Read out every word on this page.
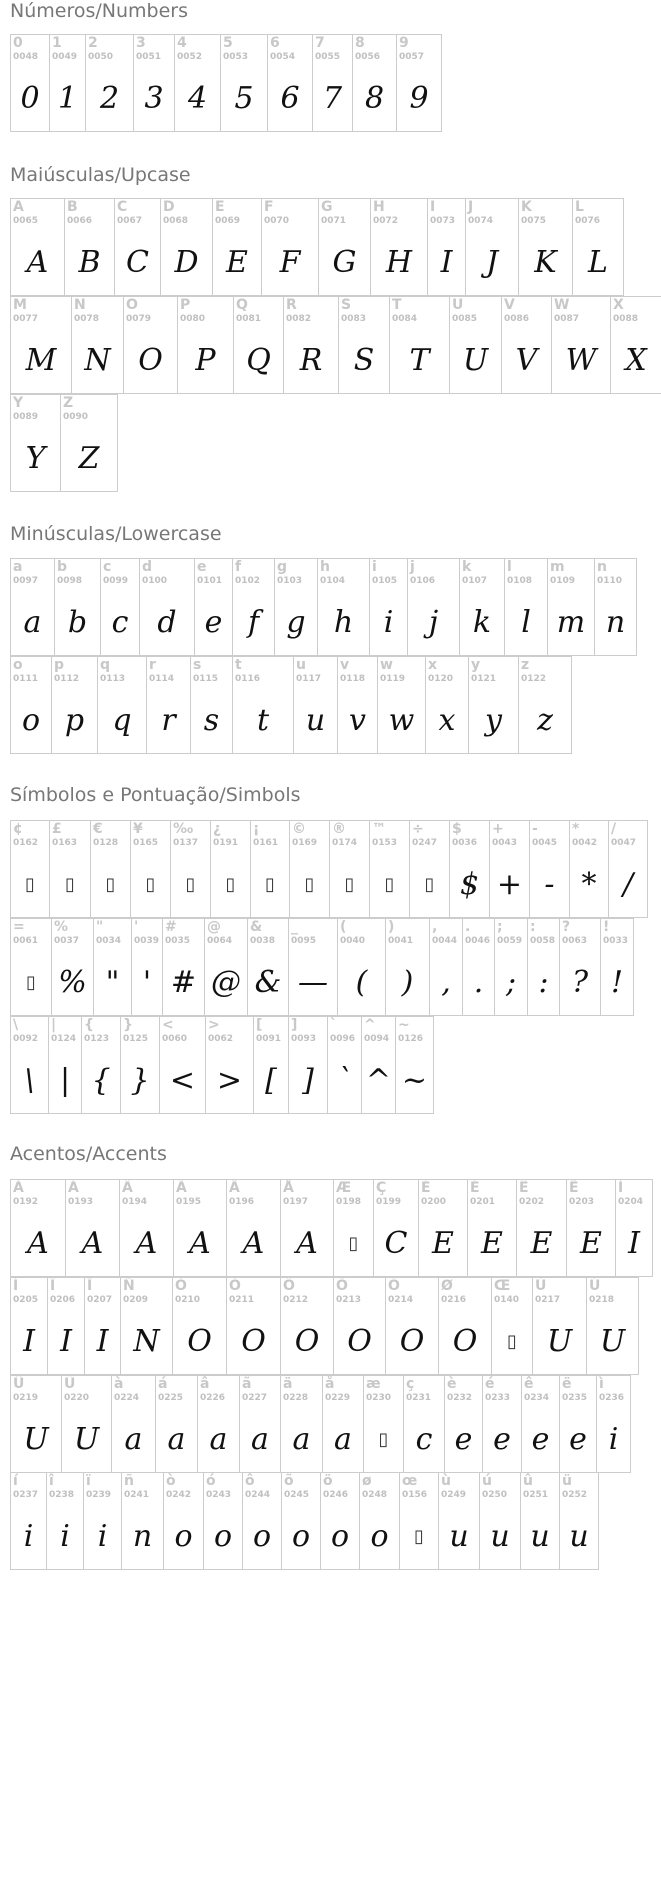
Números/Numbers
0
0048
0
1
0049
1
2
0050
2
3
0051
3
4
0052
4
5
0053
5
6
0054
6
7
0055
7
8
0056
8
9
0057
9
Maiúsculas/Upcase
A
0065
A
B
0066
B
C
0067
C
D
0068
D
E
0069
E
F
0070
F
G
0071
G
H
0072
H
I
0073
I
J
0074
J
K
0075
K
L
0076
L
M
0077
M
N
0078
N
O
0079
O
P
0080
P
Q
0081
Q
R
0082
R
S
0083
S
T
0084
T
U
0085
U
V
0086
V
W
0087
W
X
0088
X
Y
0089
Y
Z
0090
Z
Minúsculas/Lowercase
a
0097
a
b
0098
b
c
0099
c
d
0100
d
e
0101
e
f
0102
f
g
0103
g
h
0104
h
i
0105
i
j
0106
j
k
0107
k
l
0108
l
m
0109
m
n
0110
n
o
0111
o
p
0112
p
q
0113
q
r
0114
r
s
0115
s
t
0116
t
u
0117
u
v
0118
v
w
0119
w
x
0120
x
y
0121
y
z
0122
z
Símbolos e Pontuação/Simbols
¢
0162
▯
£
0163
▯
€
0128
▯
¥
0165
▯
‰
0137
▯
¿
0191
▯
¡
0161
▯
©
0169
▯
®
0174
▯
™
0153
▯
÷
0247
▯
$
0036
$
+
0043
+
-
0045
-
*
0042
*
/
0047
/
=
0061
▯
%
0037
%
"
0034
"
'
0039
'
#
0035
#
@
0064
@
&
0038
&
_
0095
—
(
0040
(
)
0041
)
,
0044
,
.
0046
.
;
0059
;
:
0058
:
?
0063
?
!
0033
!
\
0092
\
|
0124
|
{
0123
{
}
0125
}
<
0060
<
>
0062
>
[
0091
[
]
0093
]
`
0096
`
^
0094
^
~
0126
~
Acentos/Accents
À
0192
A
Á
0193
A
Â
0194
A
Ã
0195
A
Ä
0196
A
Å
0197
A
Æ
0198
▯
Ç
0199
C
È
0200
E
É
0201
E
Ê
0202
E
Ë
0203
E
Ì
0204
I
Í
0205
I
Î
0206
I
Ï
0207
I
Ñ
0209
N
Ò
0210
O
Ó
0211
O
Ô
0212
O
Õ
0213
O
Ö
0214
O
Ø
0216
O
Œ
0140
▯
Ù
0217
U
Ú
0218
U
Û
0219
U
Ü
0220
U
à
0224
a
á
0225
a
â
0226
a
ã
0227
a
ä
0228
a
å
0229
a
æ
0230
▯
ç
0231
c
è
0232
e
é
0233
e
ê
0234
e
ë
0235
e
ì
0236
i
í
0237
i
î
0238
i
ï
0239
i
ñ
0241
n
ò
0242
o
ó
0243
o
ô
0244
o
õ
0245
o
ö
0246
o
ø
0248
o
œ
0156
▯
ù
0249
u
ú
0250
u
û
0251
u
ü
0252
u
